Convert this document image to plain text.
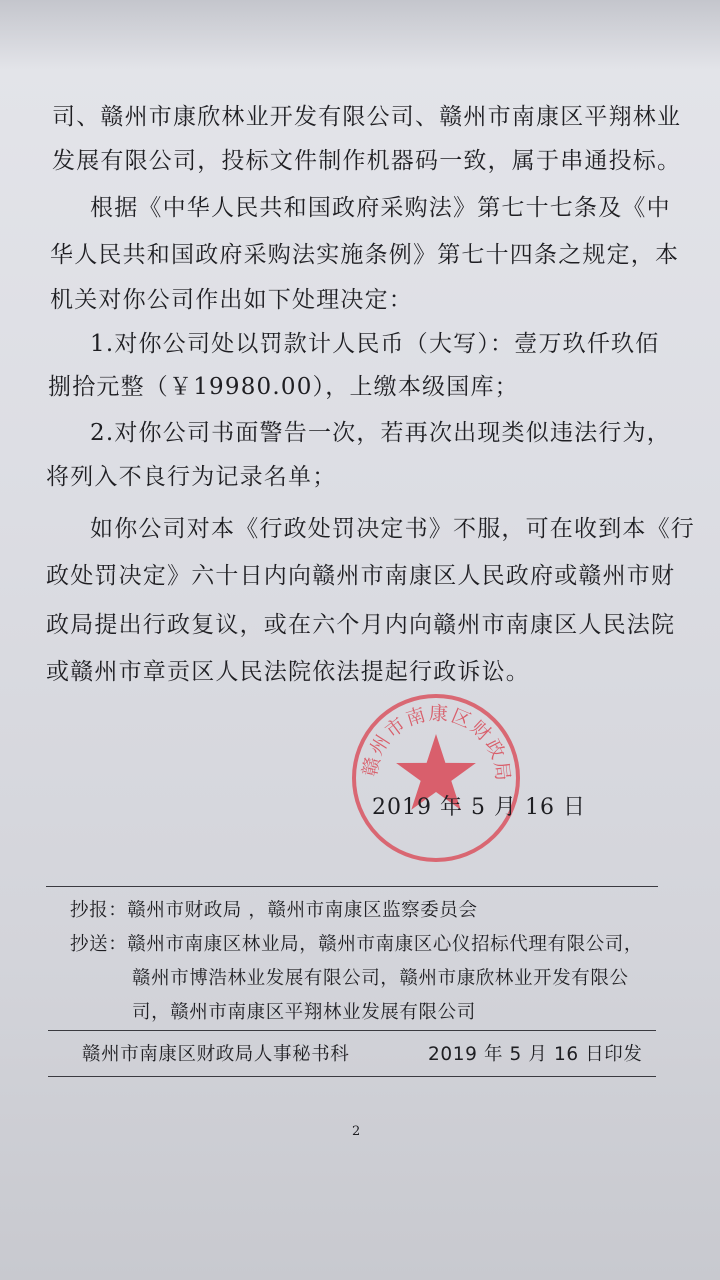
司、赣州市康欣林业开发有限公司、赣州市南康区平翔林业
发展有限公司，投标文件制作机器码一致，属于串通投标。
根据《中华人民共和国政府采购法》第七十七条及《中
华人民共和国政府采购法实施条例》第七十四条之规定，本
机关对你公司作出如下处理决定：
1.对你公司处以罚款计人民币（大写）：壹万玖仟玖佰
捌拾元整（￥19980.00），上缴本级国库；
2.对你公司书面警告一次，若再次出现类似违法行为，
将列入不良行为记录名单；
如你公司对本《行政处罚决定书》不服，可在收到本《行
政处罚决定》六十日内向赣州市南康区人民政府或赣州市财
政局提出行政复议，或在六个月内向赣州市南康区人民法院
或赣州市章贡区人民法院依法提起行政诉讼。
赣州市南康区财政局
2019 年 5 月 16 日
抄报：赣州市财政局 ，赣州市南康区监察委员会
抄送：赣州市南康区林业局，赣州市南康区心仪招标代理有限公司，
赣州市博浩林业发展有限公司，赣州市康欣林业开发有限公
司，赣州市南康区平翔林业发展有限公司
赣州市南康区财政局人事秘书科	2019 年 5 月 16 日印发
2
